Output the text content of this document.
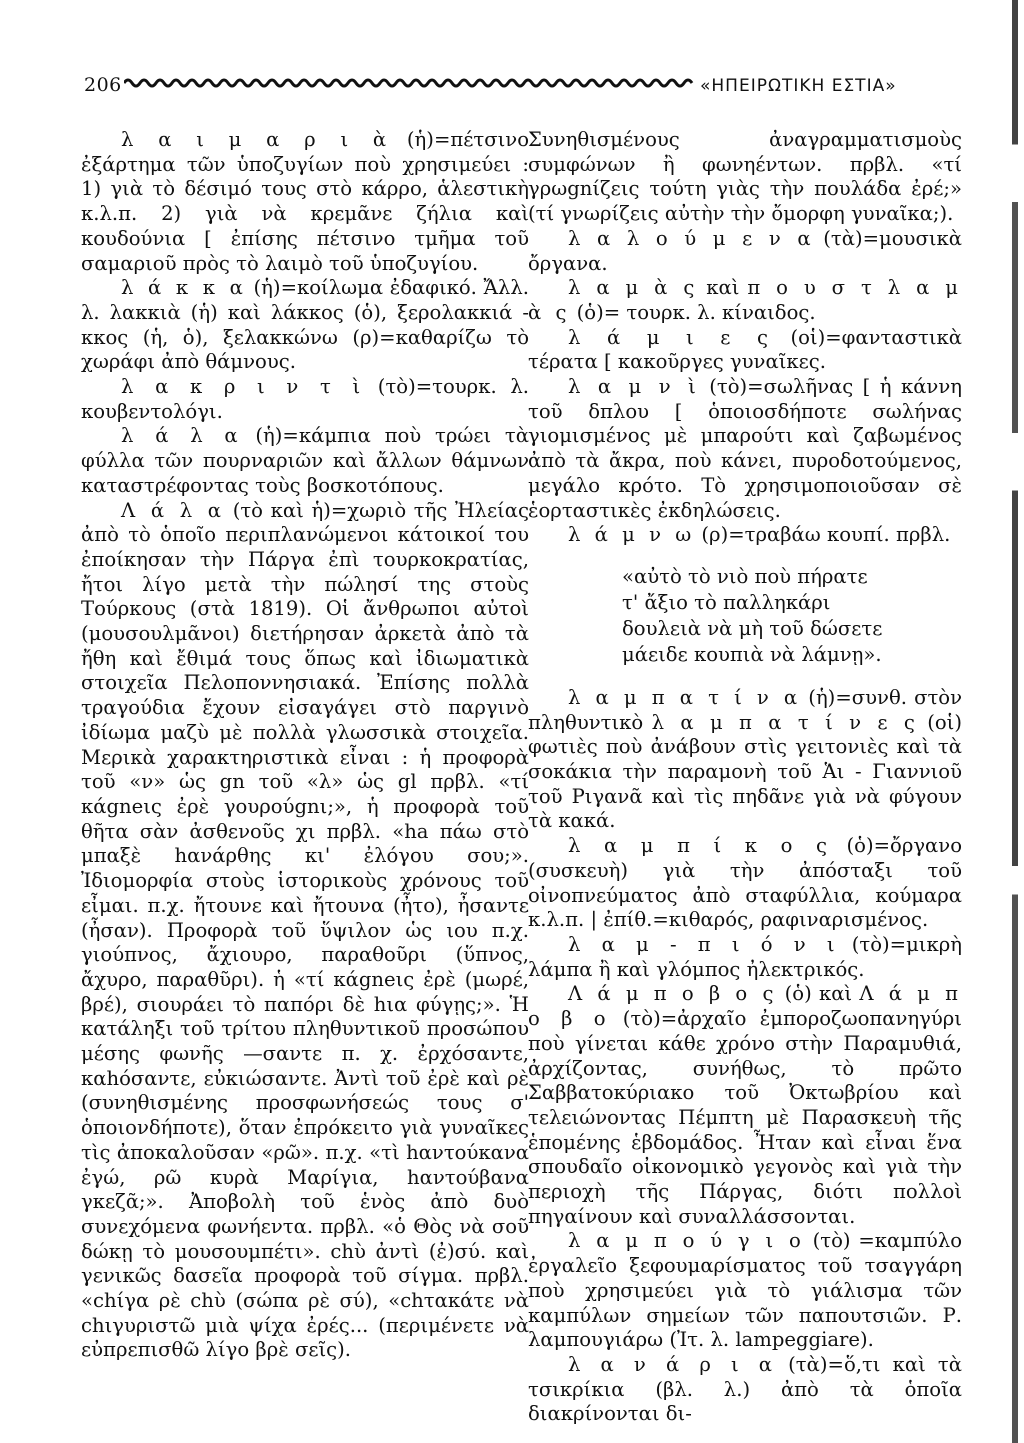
206	«ΗΠΕΙΡΩΤΙΚΗ ΕΣΤΙΑ»

λ α ι μ α ρ ι ὰ (ἡ)=πέτσινο ἐξάρτημα τῶν ὑποζυγίων ποὺ χρησιμεύει : 1) γιὰ τὸ δέσιμό τους στὸ κάρρο, ἁλεστικὴ κ.λ.π. 2) γιὰ νὰ κρεμᾶνε ζήλια καὶ κουδούνια [ ἐπίσης πέτσινο τμῆμα τοῦ σαμαριοῦ πρὸς τὸ λαιμὸ τοῦ ὑποζυγίου.

λ ά κ κ α (ἡ)=κοίλωμα ἐδαφικό. Ἄλλ. λ. λακκιὰ (ἡ) καὶ λάκκος (ὁ), ξερολακκιά - κκος (ἡ, ὁ), ξελακκώνω (ρ)=καθαρίζω τὸ χωράφι ἀπὸ θάμνους.

λ α κ ρ ι ν τ ὶ (τὸ)=τουρκ. λ. κουβεντολόγι.

λ ά λ α (ἡ)=κάμπια ποὺ τρώει τὰ φύλλα τῶν πουρναριῶν καὶ ἄλλων θάμνων καταστρέφοντας τοὺς βοσκοτόπους.

Λ ά λ α (τὸ καὶ ἡ)=χωριὸ τῆς Ἠλείας ἀπὸ τὸ ὁποῖο περιπλανώμενοι κάτοικοί του ἐποίκησαν τὴν Πάργα ἐπὶ τουρκοκρατίας, ἤτοι λίγο μετὰ τὴν πώλησί της στοὺς Τούρκους (στὰ 1819). Οἱ ἄνθρωποι αὐτοὶ (μουσουλμᾶνοι) διετήρησαν ἀρκετὰ ἀπὸ τὰ ἤθη καὶ ἔθιμά τους ὅπως καὶ ἰδιωματικὰ στοιχεῖα Πελοποννησιακά. Ἐπίσης πολλὰ τραγούδια ἔχουν εἰσαγάγει στὸ παργινὸ ἰδίωμα μαζὺ μὲ πολλὰ γλωσσικὰ στοιχεῖα. Μερικὰ χαρακτηριστικὰ εἶναι : ἡ προφορὰ τοῦ «ν» ὡς gn τοῦ «λ» ὡς gl πρβλ. «τί κάgneις ἐρὲ γουρούgnι;», ἡ προφορὰ τοῦ θῆτα σὰν ἀσθενοῦς χι πρβλ. «ha πάω στὸ μπαξὲ hανάρθης κι' ἐλόγου σου;». Ἰδιομορφία στοὺς ἱστορικοὺς χρόνους τοῦ εἶμαι. π.χ. ἤτουνε καὶ ἤτουνα (ἦτο), ἦσαντε (ἦσαν). Προφορὰ τοῦ ὕψιλον ὡς ιου π.χ. γιούπνος, ἄχιουρο, παραθοῦρι (ὕπνος, ἄχυρο, παραθῦρι). ἡ «τί κάgneις ἐρὲ (μωρέ, βρέ), σιουράει τὸ παπόρι δὲ hια φύγῃς;». Ἡ κατάληξι τοῦ τρίτου πληθυντικοῦ προσώπου μέσης φωνῆς —σαντε π. χ. ἐρχόσαντε, καhόσαντε, εὐκιώσαντε. Ἀντὶ τοῦ ἐρὲ καὶ ρὲ (συνηθισμένης προσφωνήσεώς τους σ' ὁποιονδήποτε), ὅταν ἐπρόκειτο γιὰ γυναῖκες τὶς ἀποκαλοῦσαν «ρῶ». π.χ. «τὶ hαντούκανα ἐγώ, ρῶ κυρὰ Μαρίγια, hαντούβανα γκεζᾶ;». Ἀποβολὴ τοῦ ἑνὸς ἀπὸ δυὸ συνεχόμενα φωνήεντα. πρβλ. «ὁ Θὸς νὰ σοῦ δώκῃ τὸ μουσουμπέτι». chὺ ἀντὶ (ἐ)σύ. καὶ γενικῶς δασεῖα προφορὰ τοῦ σίγμα. πρβλ. «chίγα ρὲ chὺ (σώπα ρὲ σύ), «chτακάτε νὰ chιγυριστῶ μιὰ ψίχα ἐρές... (περιμένετε νὰ εὐπρεπισθῶ λίγο βρὲ σεῖς).

Συνηθισμένους ἀναγραμματισμοὺς συμφώνων ἢ φωνηέντων. πρβλ. «τί γρωgnίζεις τούτη γιὰς τὴν πουλάδα ἐρέ;» (τί γνωρίζεις αὐτὴν τὴν ὄμορφη γυναῖκα;).

λ α λ ο ύ μ ε ν α (τὰ)=μουσικὰ ὄργανα.

λ α μ ὰ ς καὶ π ο υ σ τ λ α μ ὰ ς (ὁ)= τουρκ. λ. κίναιδος.

λ ά μ ι ε ς (οἱ)=φανταστικὰ τέρατα [ κακοῦργες γυναῖκες.

λ α μ ν ὶ (τὸ)=σωλῆνας [ ἡ κάννη τοῦ δπλου [ ὁποιοσδήποτε σωλήνας γιομισμένος μὲ μπαρούτι καὶ ζαβωμένος ἀπὸ τὰ ἄκρα, ποὺ κάνει, πυροδοτούμενος, μεγάλο κρότο. Τὸ χρησιμοποιοῦσαν σὲ ἑορταστικὲς ἐκδηλώσεις.

λ ά μ ν ω (ρ)=τραβάω κουπί. πρβλ.

«αὐτὸ τὸ νιὸ ποὺ πήρατε
τ' ἄξιο τὸ παλληκάρι
δουλειὰ νὰ μὴ τοῦ δώσετε
μάειδε κουπιὰ νὰ λάμνῃ».

λ α μ π α τ ί ν α (ἡ)=συνθ. στὸν πληθυντικὸ λ α μ π α τ ί ν ε ς (οἱ) φωτιὲς ποὺ ἀνάβουν στὶς γειτονιὲς καὶ τὰ σοκάκια τὴν παραμονὴ τοῦ Ἁι - Γιαννιοῦ τοῦ Ριγανᾶ καὶ τὶς πηδᾶνε γιὰ νὰ φύγουν τὰ κακά.

λ α μ π ί κ ο ς (ὁ)=ὄργανο (συσκευὴ) γιὰ τὴν ἀπόσταξι τοῦ οἰνοπνεύματος ἀπὸ σταφύλλια, κούμαρα κ.λ.π. | ἐπίθ.=κιθαρός, ραφιναρισμένος.

λ α μ - π ι ό ν ι (τὸ)=μικρὴ λάμπα ἢ καὶ γλόμπος ἠλεκτρικός.

Λ ά μ π ο β ο ς (ὁ) καὶ Λ ά μ π ο β ο (τὸ)=ἀρχαῖο ἐμποροζωοπανηγύρι ποὺ γίνεται κάθε χρόνο στὴν Παραμυθιά, ἀρχίζοντας, συνήθως, τὸ πρῶτο Σαββατοκύριακο τοῦ Ὀκτωβρίου καὶ τελειώνοντας Πέμπτη μὲ Παρασκευὴ τῆς ἑπομένης ἑβδομάδος. Ἦταν καὶ εἶναι ἕνα σπουδαῖο οἰκονομικὸ γεγονὸς καὶ γιὰ τὴν περιοχὴ τῆς Πάργας, διότι πολλοὶ πηγαίνουν καὶ συναλλάσσονται.

λ α μ π ο ύ γ ι ο (τὸ) =καμπύλο ἐργαλεῖο ξεφουμαρίσματος τοῦ τσαγγάρη ποὺ χρησιμεύει γιὰ τὸ γιάλισμα τῶν καμπύλων σημείων τῶν παπουτσιῶν. Ρ. λαμπουγιάρω (Ἰτ. λ. lampeggiare).

λ α ν ά ρ ι α (τὰ)=ὅ,τι καὶ τὰ τσικρίκια (βλ. λ.) ἀπὸ τὰ ὁποῖα διακρίνονται δι-
